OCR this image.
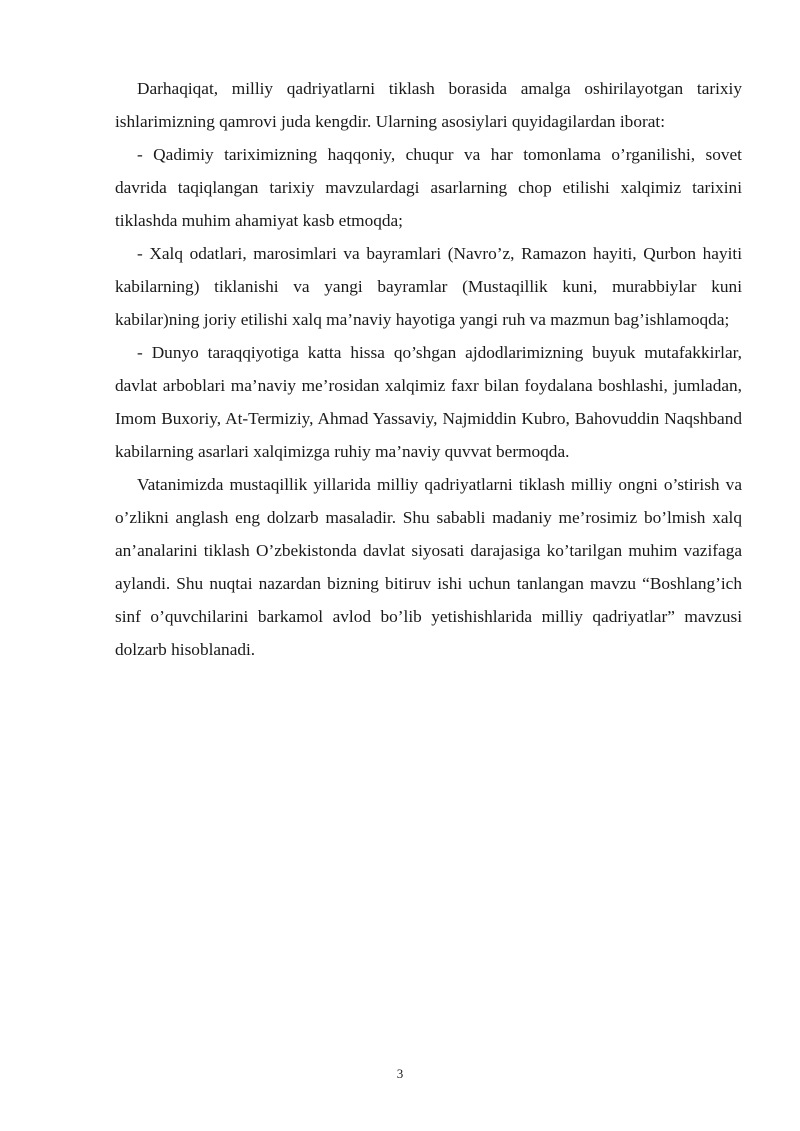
Darhaqiqat, milliy qadriyatlarni tiklash borasida amalga oshirilayotgan tarixiy ishlarimizning qamrovi juda kengdir. Ularning asosiylari quyidagilardan iborat:

- Qadimiy tariximizning haqqoniy, chuqur va har tomonlama o’rganilishi, sovet davrida taqiqlangan tarixiy mavzulardagi asarlarning chop etilishi xalqimiz tarixini tiklashda muhim ahamiyat kasb etmoqda;

- Xalq odatlari, marosimlari va bayramlari (Navro’z, Ramazon hayiti, Qurbon hayiti kabilarning) tiklanishi va yangi bayramlar (Mustaqillik kuni, murabbiylar kuni kabilar)ning joriy etilishi xalq ma’naviy hayotiga yangi ruh va mazmun bag’ishlamoqda;

- Dunyo taraqqiyotiga katta hissa qo’shgan ajdodlarimizning buyuk mutafakkirlar, davlat arboblari ma’naviy me’rosidan xalqimiz faxr bilan foydalana boshlashi, jumladan, Imom Buxoriy, At-Termiziy, Ahmad Yassaviy, Najmiddin Kubro, Bahovuddin Naqshband kabilarning asarlari xalqimizga ruhiy ma’naviy quvvat bermoqda.

Vatanimizda mustaqillik yillarida milliy qadriyatlarni tiklash milliy ongni o’stirish va o’zlikni anglash eng dolzarb masaladir. Shu sababli madaniy me’rosimiz bo’lmish xalq an’analarini tiklash O’zbekistonda davlat siyosati darajasiga ko’tarilgan muhim vazifaga aylandi. Shu nuqtai nazardan bizning bitiruv ishi uchun tanlangan mavzu “Boshlang’ich sinf o’quvchilarini barkamol avlod bo’lib yetishishlarida milliy qadriyatlar” mavzusi dolzarb hisoblanadi.

3
